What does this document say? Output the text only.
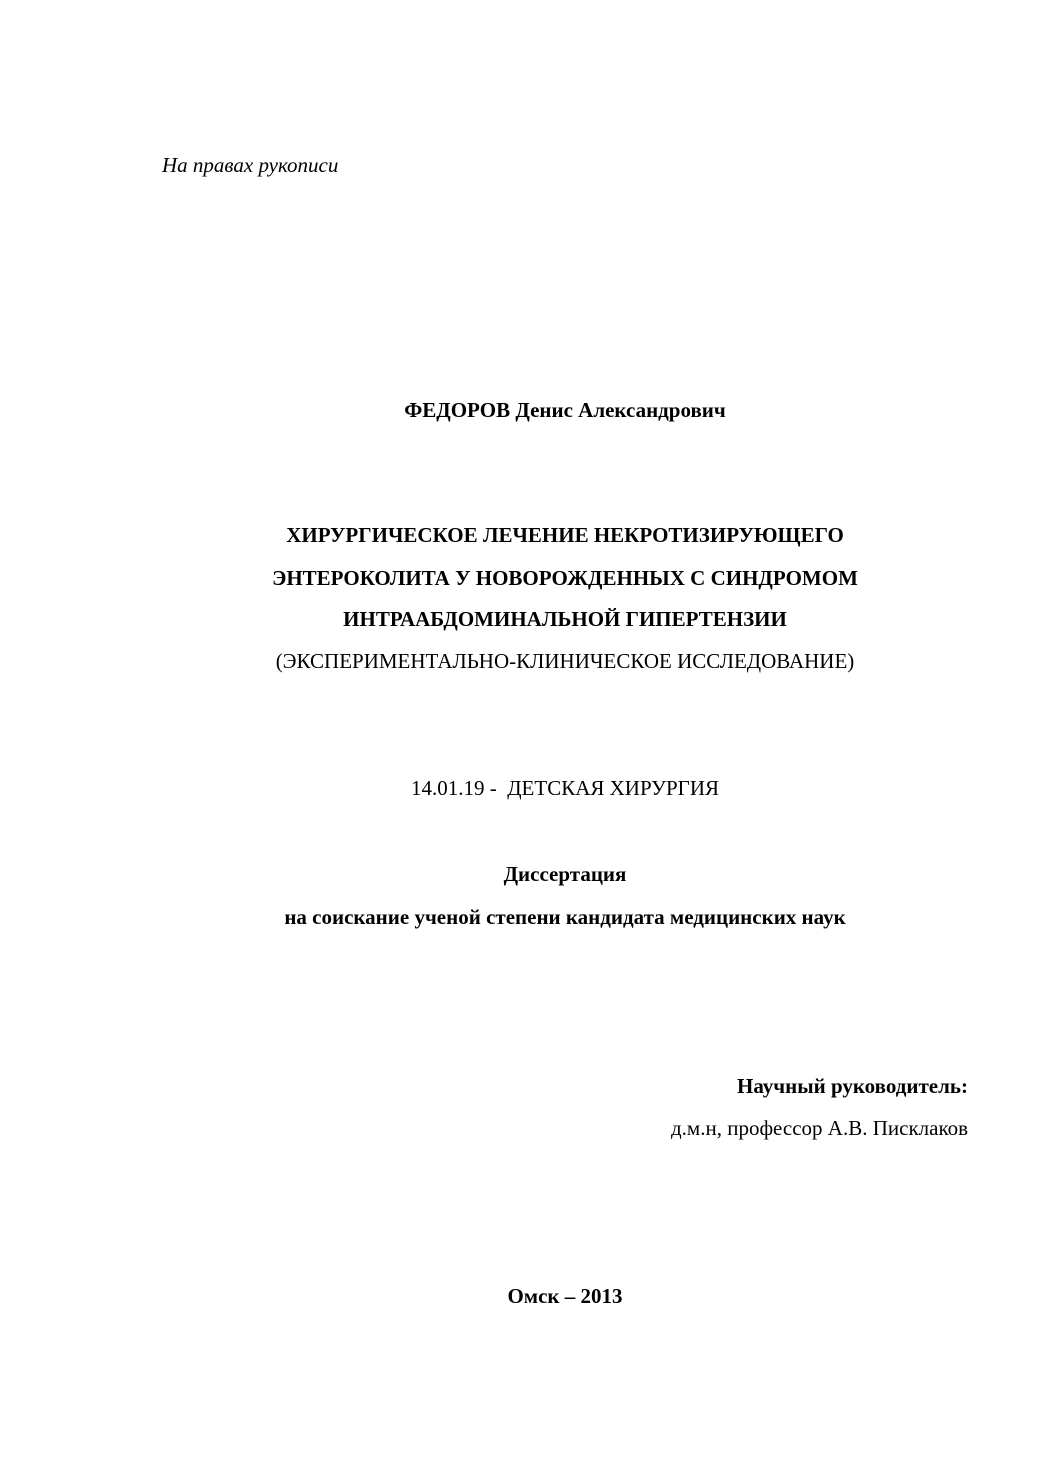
На правах рукописи
ФЕДОРОВ Денис Александрович
ХИРУРГИЧЕСКОЕ ЛЕЧЕНИЕ НЕКРОТИЗИРУЮЩЕГО
ЭНТЕРОКОЛИТА У НОВОРОЖДЕННЫХ С СИНДРОМОМ
ИНТРААБДОМИНАЛЬНОЙ ГИПЕРТЕНЗИИ
(ЭКСПЕРИМЕНТАЛЬНО-КЛИНИЧЕСКОЕ ИССЛЕДОВАНИЕ)
14.01.19 -  ДЕТСКАЯ ХИРУРГИЯ
Диссертация
на соискание ученой степени кандидата медицинских наук
Научный руководитель:
д.м.н, профессор А.В. Писклаков
Омск – 2013
